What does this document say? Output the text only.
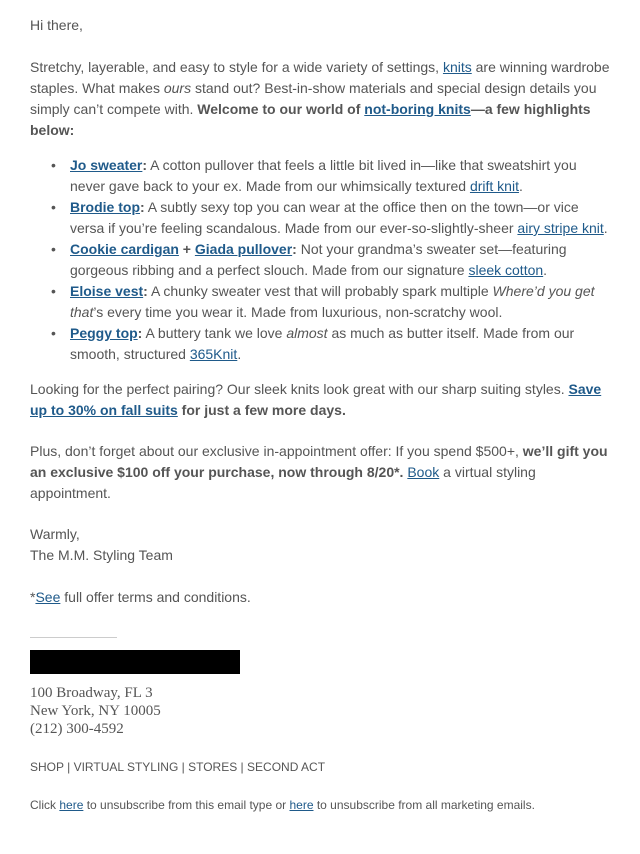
Hi there,

Stretchy, layerable, and easy to style for a wide variety of settings, knits are winning wardrobe staples. What makes ours stand out? Best-in-show materials and special design details you simply can’t compete with. Welcome to our world of not-boring knits—a few highlights below:

• Jo sweater: A cotton pullover that feels a little bit lived in—like that sweatshirt you never gave back to your ex. Made from our whimsically textured drift knit.
• Brodie top: A subtly sexy top you can wear at the office then on the town—or vice versa if you’re feeling scandalous. Made from our ever-so-slightly-sheer airy stripe knit.
• Cookie cardigan + Giada pullover: Not your grandma’s sweater set—featuring gorgeous ribbing and a perfect slouch. Made from our signature sleek cotton.
• Eloise vest: A chunky sweater vest that will probably spark multiple Where’d you get that’s every time you wear it. Made from luxurious, non-scratchy wool.
• Peggy top: A buttery tank we love almost as much as butter itself. Made from our smooth, structured 365Knit.

Looking for the perfect pairing? Our sleek knits look great with our sharp suiting styles. Save up to 30% on fall suits for just a few more days.

Plus, don’t forget about our exclusive in-appointment offer: If you spend $500+, we’ll gift you an exclusive $100 off your purchase, now through 8/20*. Book a virtual styling appointment.

Warmly,
The M.M. Styling Team

*See full offer terms and conditions.

100 Broadway, FL 3
New York, NY 10005
(212) 300-4592
SHOP | VIRTUAL STYLING | STORES | SECOND ACT
Click here to unsubscribe from this email type or here to unsubscribe from all marketing emails.
